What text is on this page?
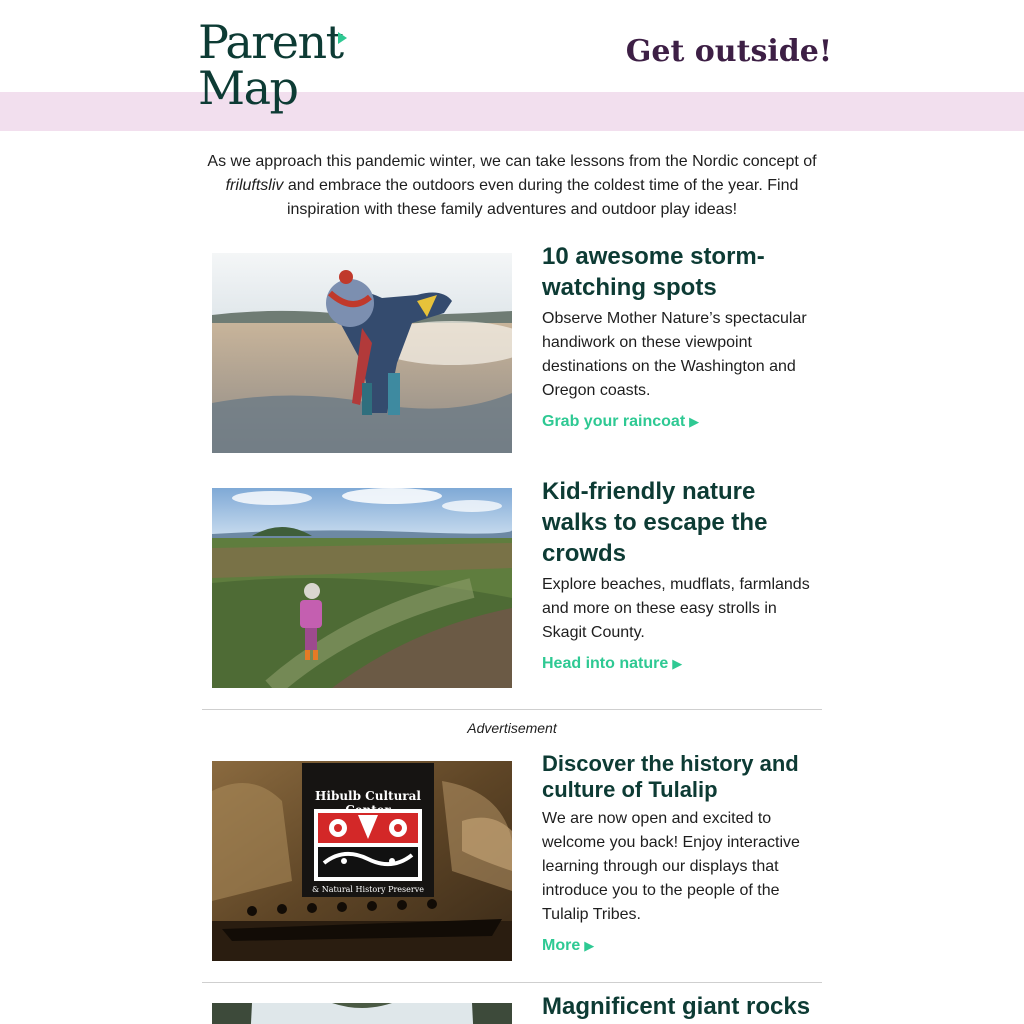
Parent
Map
Get outside!

As we approach this pandemic winter, we can take lessons from the Nordic concept of friluftsliv and embrace the outdoors even during the coldest time of the year. Find inspiration with these family adventures and outdoor play ideas!

10 awesome storm-watching spots

Observe Mother Nature’s spectacular handiwork on these viewpoint destinations on the Washington and Oregon coasts.

Grab your raincoat ▶
Kid-friendly nature walks to escape the crowds

Explore beaches, mudflats, farmlands and more on these easy strolls in Skagit County.

Head into nature ▶
Advertisement
Hibulb Cultural
& Natural History Preserve
Discover the history and culture of Tulalip

We are now open and excited to welcome you back! Enjoy interactive learning through our displays that introduce you to the people of the Tulalip Tribes.

More ▶
Magnificent giant rocks
